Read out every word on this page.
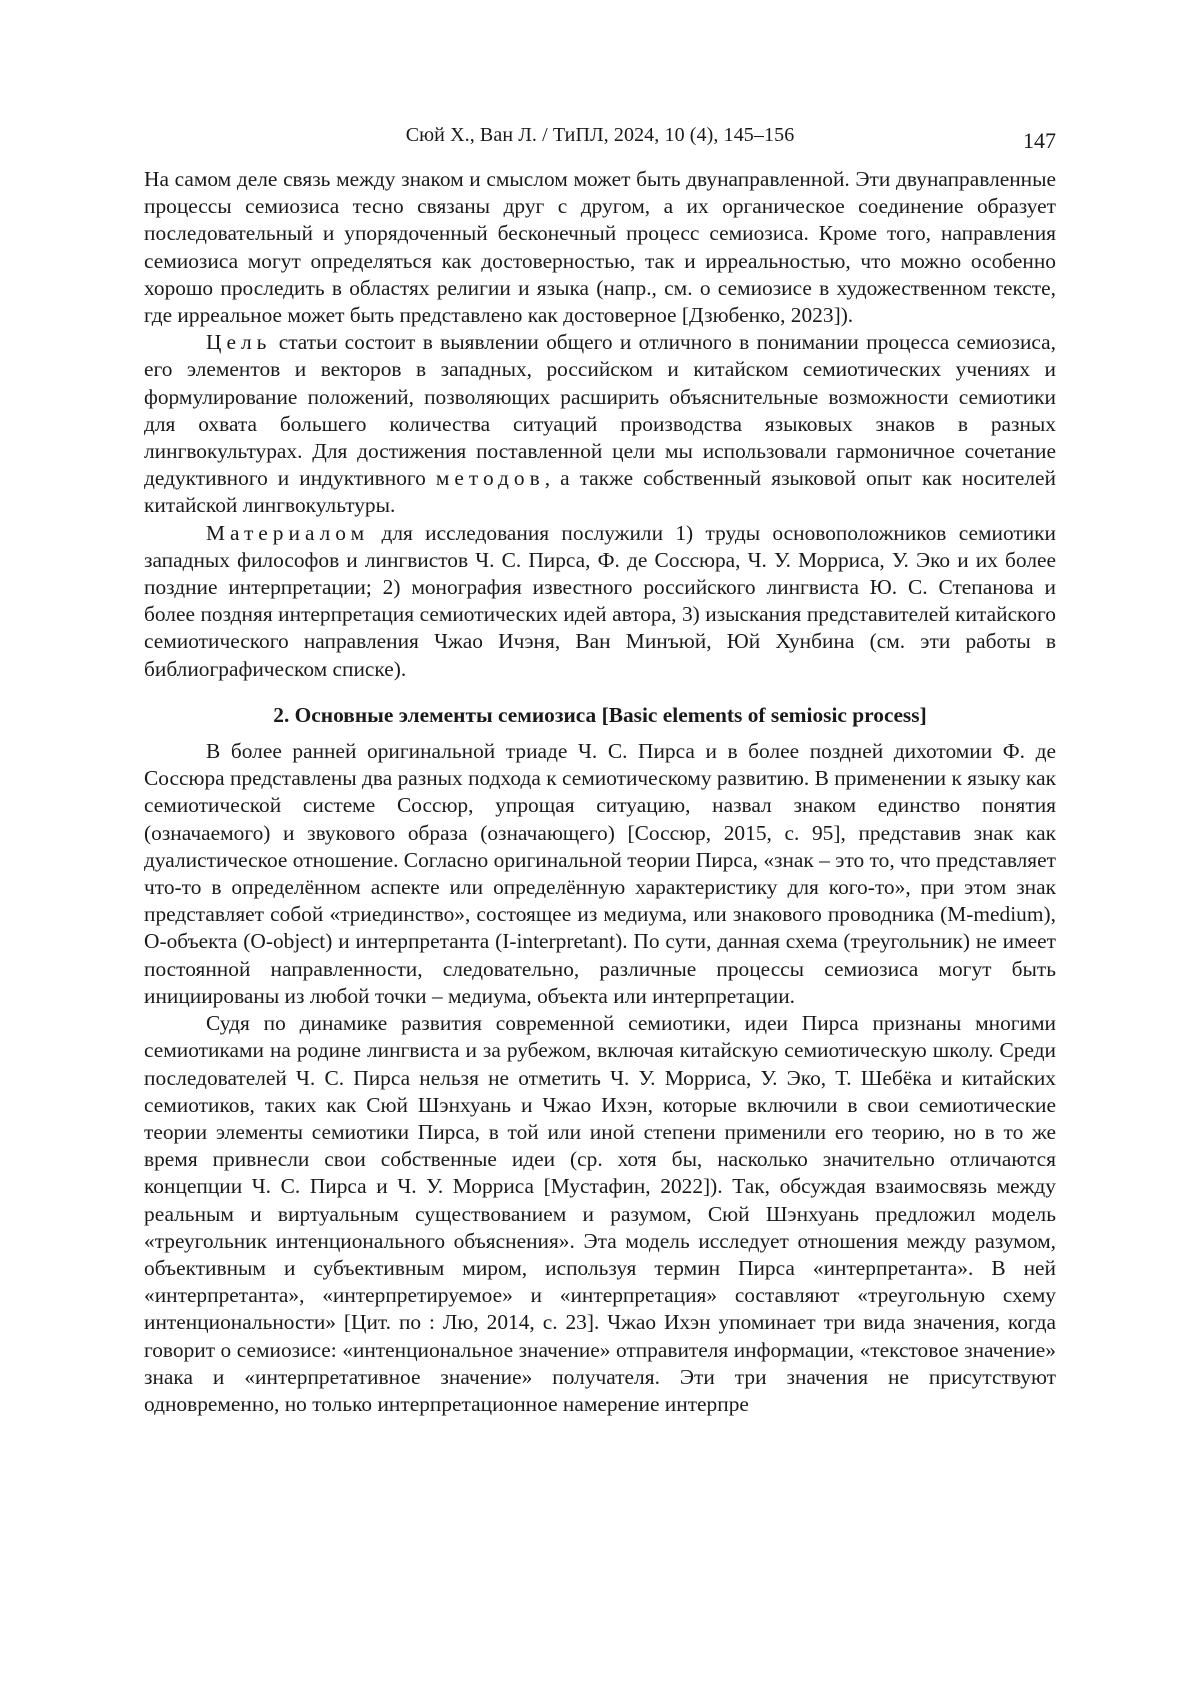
Сюй Х., Ван Л. / ТиПЛ, 2024, 10 (4), 145–156	147

На самом деле связь между знаком и смыслом может быть двунаправленной. Эти двунаправленные процессы семиозиса тесно связаны друг с другом, а их органическое соединение образует последовательный и упорядоченный бесконечный процесс семиозиса. Кроме того, направления семиозиса могут определяться как достоверностью, так и ирреальностью, что можно особенно хорошо проследить в областях религии и языка (напр., см. о семиозисе в художественном тексте, где ирреальное может быть представлено как достоверное [Дзюбенко, 2023]).

Цель статьи состоит в выявлении общего и отличного в понимании процесса семиозиса, его элементов и векторов в западных, российском и китайском семиотических учениях и формулирование положений, позволяющих расширить объяснительные возможности семиотики для охвата большего количества ситуаций производства языковых знаков в разных лингвокультурах. Для достижения поставленной цели мы использовали гармоничное сочетание дедуктивного и индуктивного методов, а также собственный языковой опыт как носителей китайской лингвокультуры.

Материалом для исследования послужили 1) труды основоположников семиотики западных философов и лингвистов Ч. С. Пирса, Ф. де Соссюра, Ч. У. Морриса, У. Эко и их более поздние интерпретации; 2) монография известного российского лингвиста Ю. С. Степанова и более поздняя интерпретация семиотических идей автора, 3) изыскания представителей китайского семиотического направления Чжао Ичэня, Ван Минъюй, Юй Хунбина (см. эти работы в библиографическом списке).

2. Основные элементы семиозиса [Basic elements of semiosic process]

В более ранней оригинальной триаде Ч. С. Пирса и в более поздней дихотомии Ф. де Соссюра представлены два разных подхода к семиотическому развитию. В применении к языку как семиотической системе Соссюр, упрощая ситуацию, назвал знаком единство понятия (означаемого) и звукового образа (означающего) [Соссюр, 2015, с. 95], представив знак как дуалистическое отношение. Согласно оригинальной теории Пирса, «знак – это то, что представляет что-то в определённом аспекте или определённую характеристику для кого-то», при этом знак представляет собой «триединство», состоящее из медиума, или знакового проводника (M-medium), О-объекта (O-object) и интерпретанта (I-interpretant). По сути, данная схема (треугольник) не имеет постоянной направленности, следовательно, различные процессы семиозиса могут быть инициированы из любой точки – медиума, объекта или интерпретации.

Судя по динамике развития современной семиотики, идеи Пирса признаны многими семиотиками на родине лингвиста и за рубежом, включая китайскую семиотическую школу. Среди последователей Ч. С. Пирса нельзя не отметить Ч. У. Морриса, У. Эко, Т. Шебёка и китайских семиотиков, таких как Сюй Шэнхуань и Чжао Ихэн, которые включили в свои семиотические теории элементы семиотики Пирса, в той или иной степени применили его теорию, но в то же время привнесли свои собственные идеи (ср. хотя бы, насколько значительно отличаются концепции Ч. С. Пирса и Ч. У. Морриса [Мустафин, 2022]). Так, обсуждая взаимосвязь между реальным и виртуальным существованием и разумом, Сюй Шэнхуань предложил модель «треугольник интенционального объяснения». Эта модель исследует отношения между разумом, объективным и субъективным миром, используя термин Пирса «интерпретанта». В ней «интерпретанта», «интерпретируемое» и «интерпретация» составляют «треугольную схему интенциональности» [Цит. по : Лю, 2014, с. 23]. Чжао Ихэн упоминает три вида значения, когда говорит о семиозисе: «интенциональное значение» отправителя информации, «текстовое значение» знака и «интерпретативное значение» получателя. Эти три значения не присутствуют одновременно, но только интерпретационное намерение интерпре
